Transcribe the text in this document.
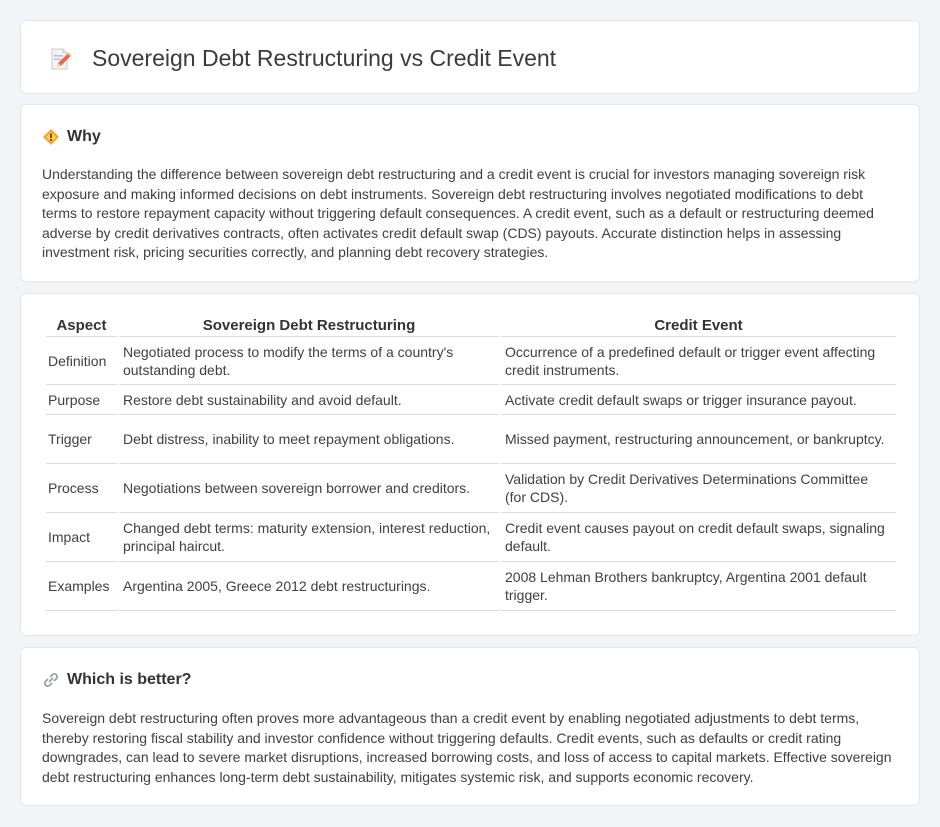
Sovereign Debt Restructuring vs Credit Event
Why

Understanding the difference between sovereign debt restructuring and a credit event is crucial for investors managing sovereign risk exposure and making informed decisions on debt instruments. Sovereign debt restructuring involves negotiated modifications to debt terms to restore repayment capacity without triggering default consequences. A credit event, such as a default or restructuring deemed adverse by credit derivatives contracts, often activates credit default swap (CDS) payouts. Accurate distinction helps in assessing investment risk, pricing securities correctly, and planning debt recovery strategies.

Aspect	Sovereign Debt Restructuring	Credit Event
Definition	Negotiated process to modify the terms of a country's outstanding debt.	Occurrence of a predefined default or trigger event affecting credit instruments.
Purpose	Restore debt sustainability and avoid default.	Activate credit default swaps or trigger insurance payout.
Trigger	Debt distress, inability to meet repayment obligations.	Missed payment, restructuring announcement, or bankruptcy.
Process	Negotiations between sovereign borrower and creditors.	Validation by Credit Derivatives Determinations Committee (for CDS).
Impact	Changed debt terms: maturity extension, interest reduction, principal haircut.	Credit event causes payout on credit default swaps, signaling default.
Examples	Argentina 2005, Greece 2012 debt restructurings.	2008 Lehman Brothers bankruptcy, Argentina 2001 default trigger.
Which is better?

Sovereign debt restructuring often proves more advantageous than a credit event by enabling negotiated adjustments to debt terms, thereby restoring fiscal stability and investor confidence without triggering defaults. Credit events, such as defaults or credit rating downgrades, can lead to severe market disruptions, increased borrowing costs, and loss of access to capital markets. Effective sovereign debt restructuring enhances long-term debt sustainability, mitigates systemic risk, and supports economic recovery.
